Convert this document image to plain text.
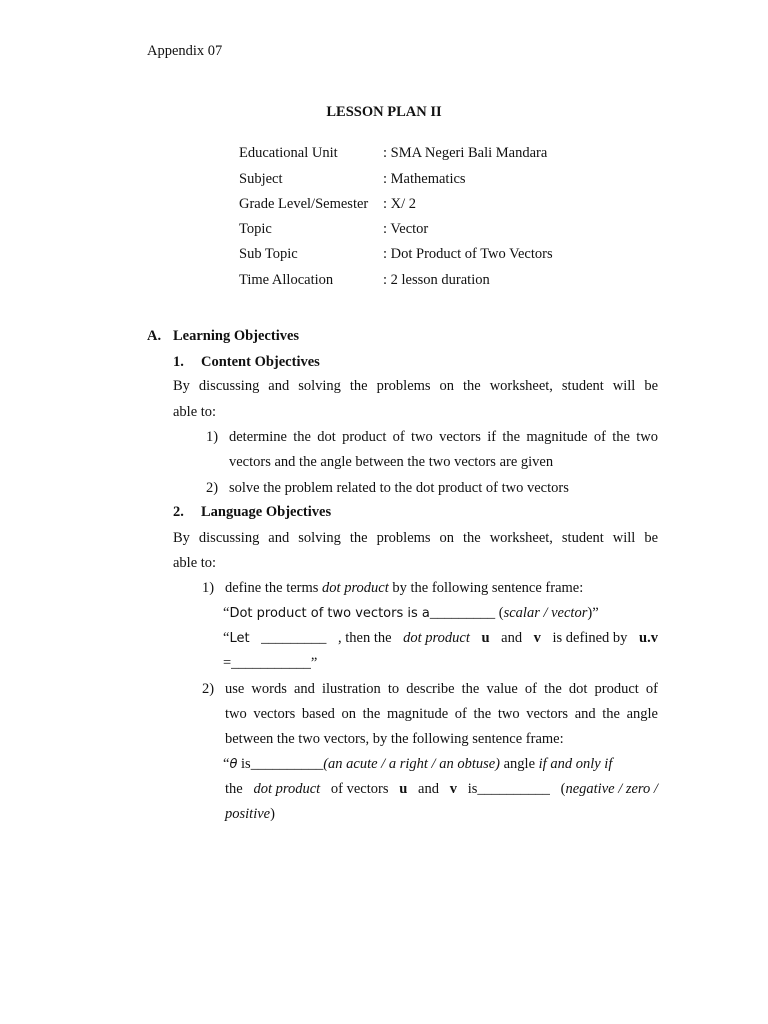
Appendix 07
LESSON PLAN II
Educational Unit	: SMA Negeri Bali Mandara
Subject	: Mathematics
Grade Level/Semester : X/ 2
Topic	: Vector
Sub Topic	: Dot Product of Two Vectors
Time Allocation	: 2 lesson duration
A. Learning Objectives
1. Content Objectives
By discussing and solving the problems on the worksheet, student will be
able to:
1) determine the dot product of two vectors if the magnitude of the two
vectors and the angle between the two vectors are given
2) solve the problem related to the dot product of two vectors
2. Language Objectives
By discussing and solving the problems on the worksheet, student will be
able to:
1) define the terms dot product by the following sentence frame:
“Dot product of two vectors is a_________ (scalar / vector)”
“Let _________ , then the dot product u and v is defined by u.v
=___________”
2) use words and ilustration to describe the value of the dot product of
two vectors based on the magnitude of the two vectors and the angle
between the two vectors, by the following sentence frame:
“θ is__________(an acute / a right / an obtuse) angle if and only if
the dot product of vectors u and v is__________ (negative / zero /
positive)
